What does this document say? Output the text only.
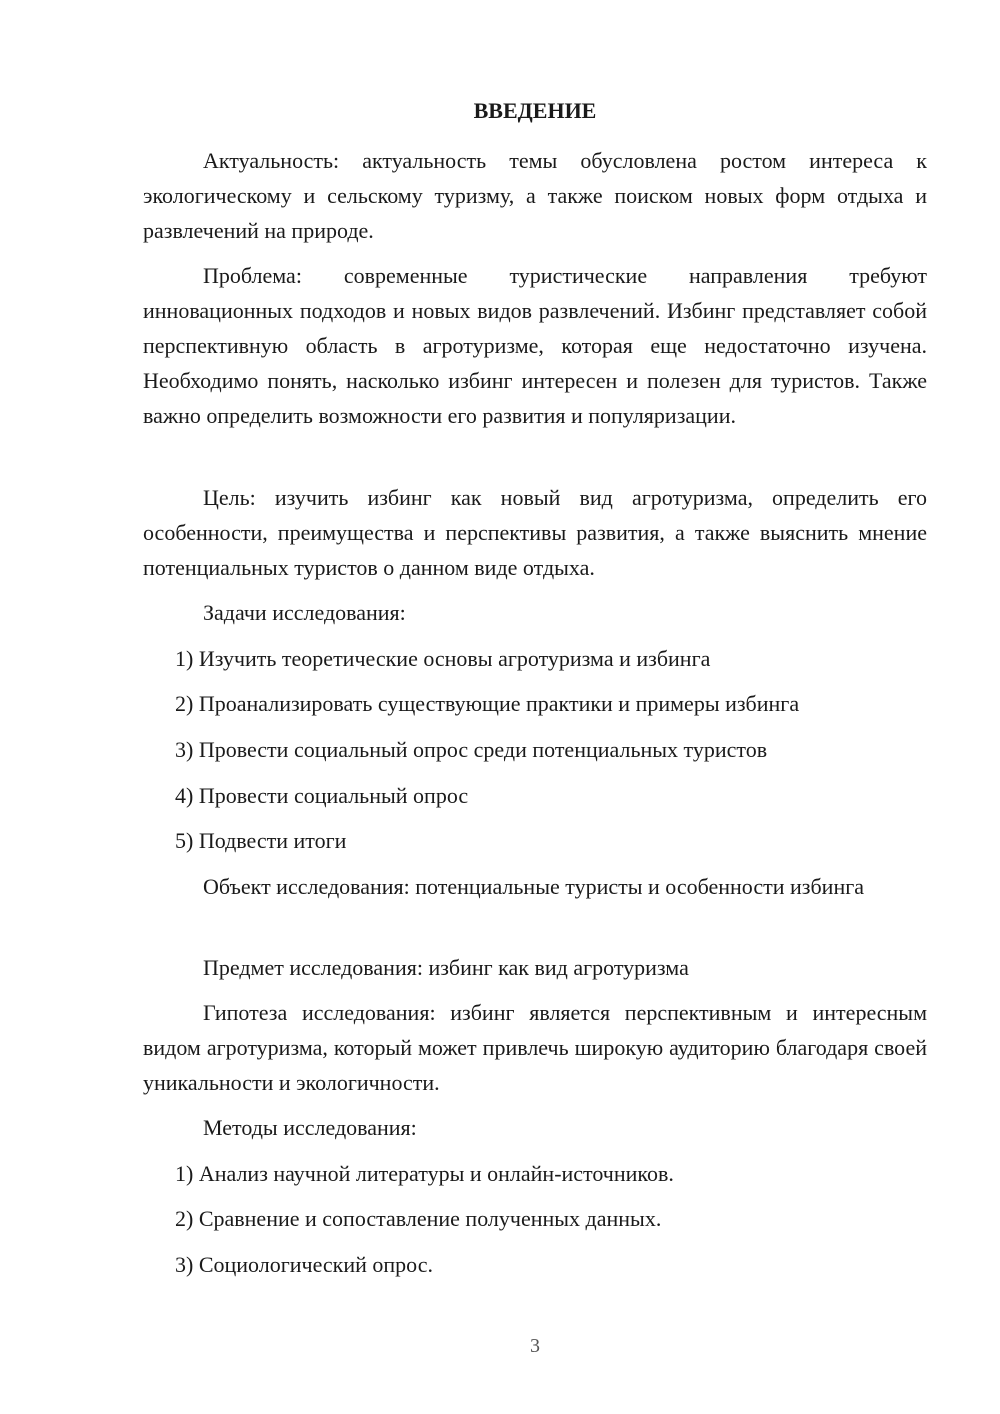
ВВЕДЕНИЕ

Актуальность: актуальность темы обусловлена ростом интереса к экологическому и сельскому туризму, а также поиском новых форм отдыха и развлечений на природе.

Проблема: современные туристические направления требуют инновационных подходов и новых видов развлечений. Избинг представляет собой перспективную область в агротуризме, которая еще недостаточно изучена. Необходимо понять, насколько избинг интересен и полезен для туристов. Также важно определить возможности его развития и популяризации.

Цель: изучить избинг как новый вид агротуризма, определить его особенности, преимущества и перспективы развития, а также выяснить мнение потенциальных туристов о данном виде отдыха.

Задачи исследования:

1) Изучить теоретические основы агротуризма и избинга

2) Проанализировать существующие практики и примеры избинга

3) Провести социальный опрос среди потенциальных туристов

4) Провести социальный опрос

5) Подвести итоги

Объект исследования: потенциальные туристы и особенности избинга

Предмет исследования: избинг как вид агротуризма

Гипотеза исследования: избинг является перспективным и интересным видом агротуризма, который может привлечь широкую аудиторию благодаря своей уникальности и экологичности.

Методы исследования:

1) Анализ научной литературы и онлайн-источников.

2) Сравнение и сопоставление полученных данных.

3) Социологический опрос.

3
